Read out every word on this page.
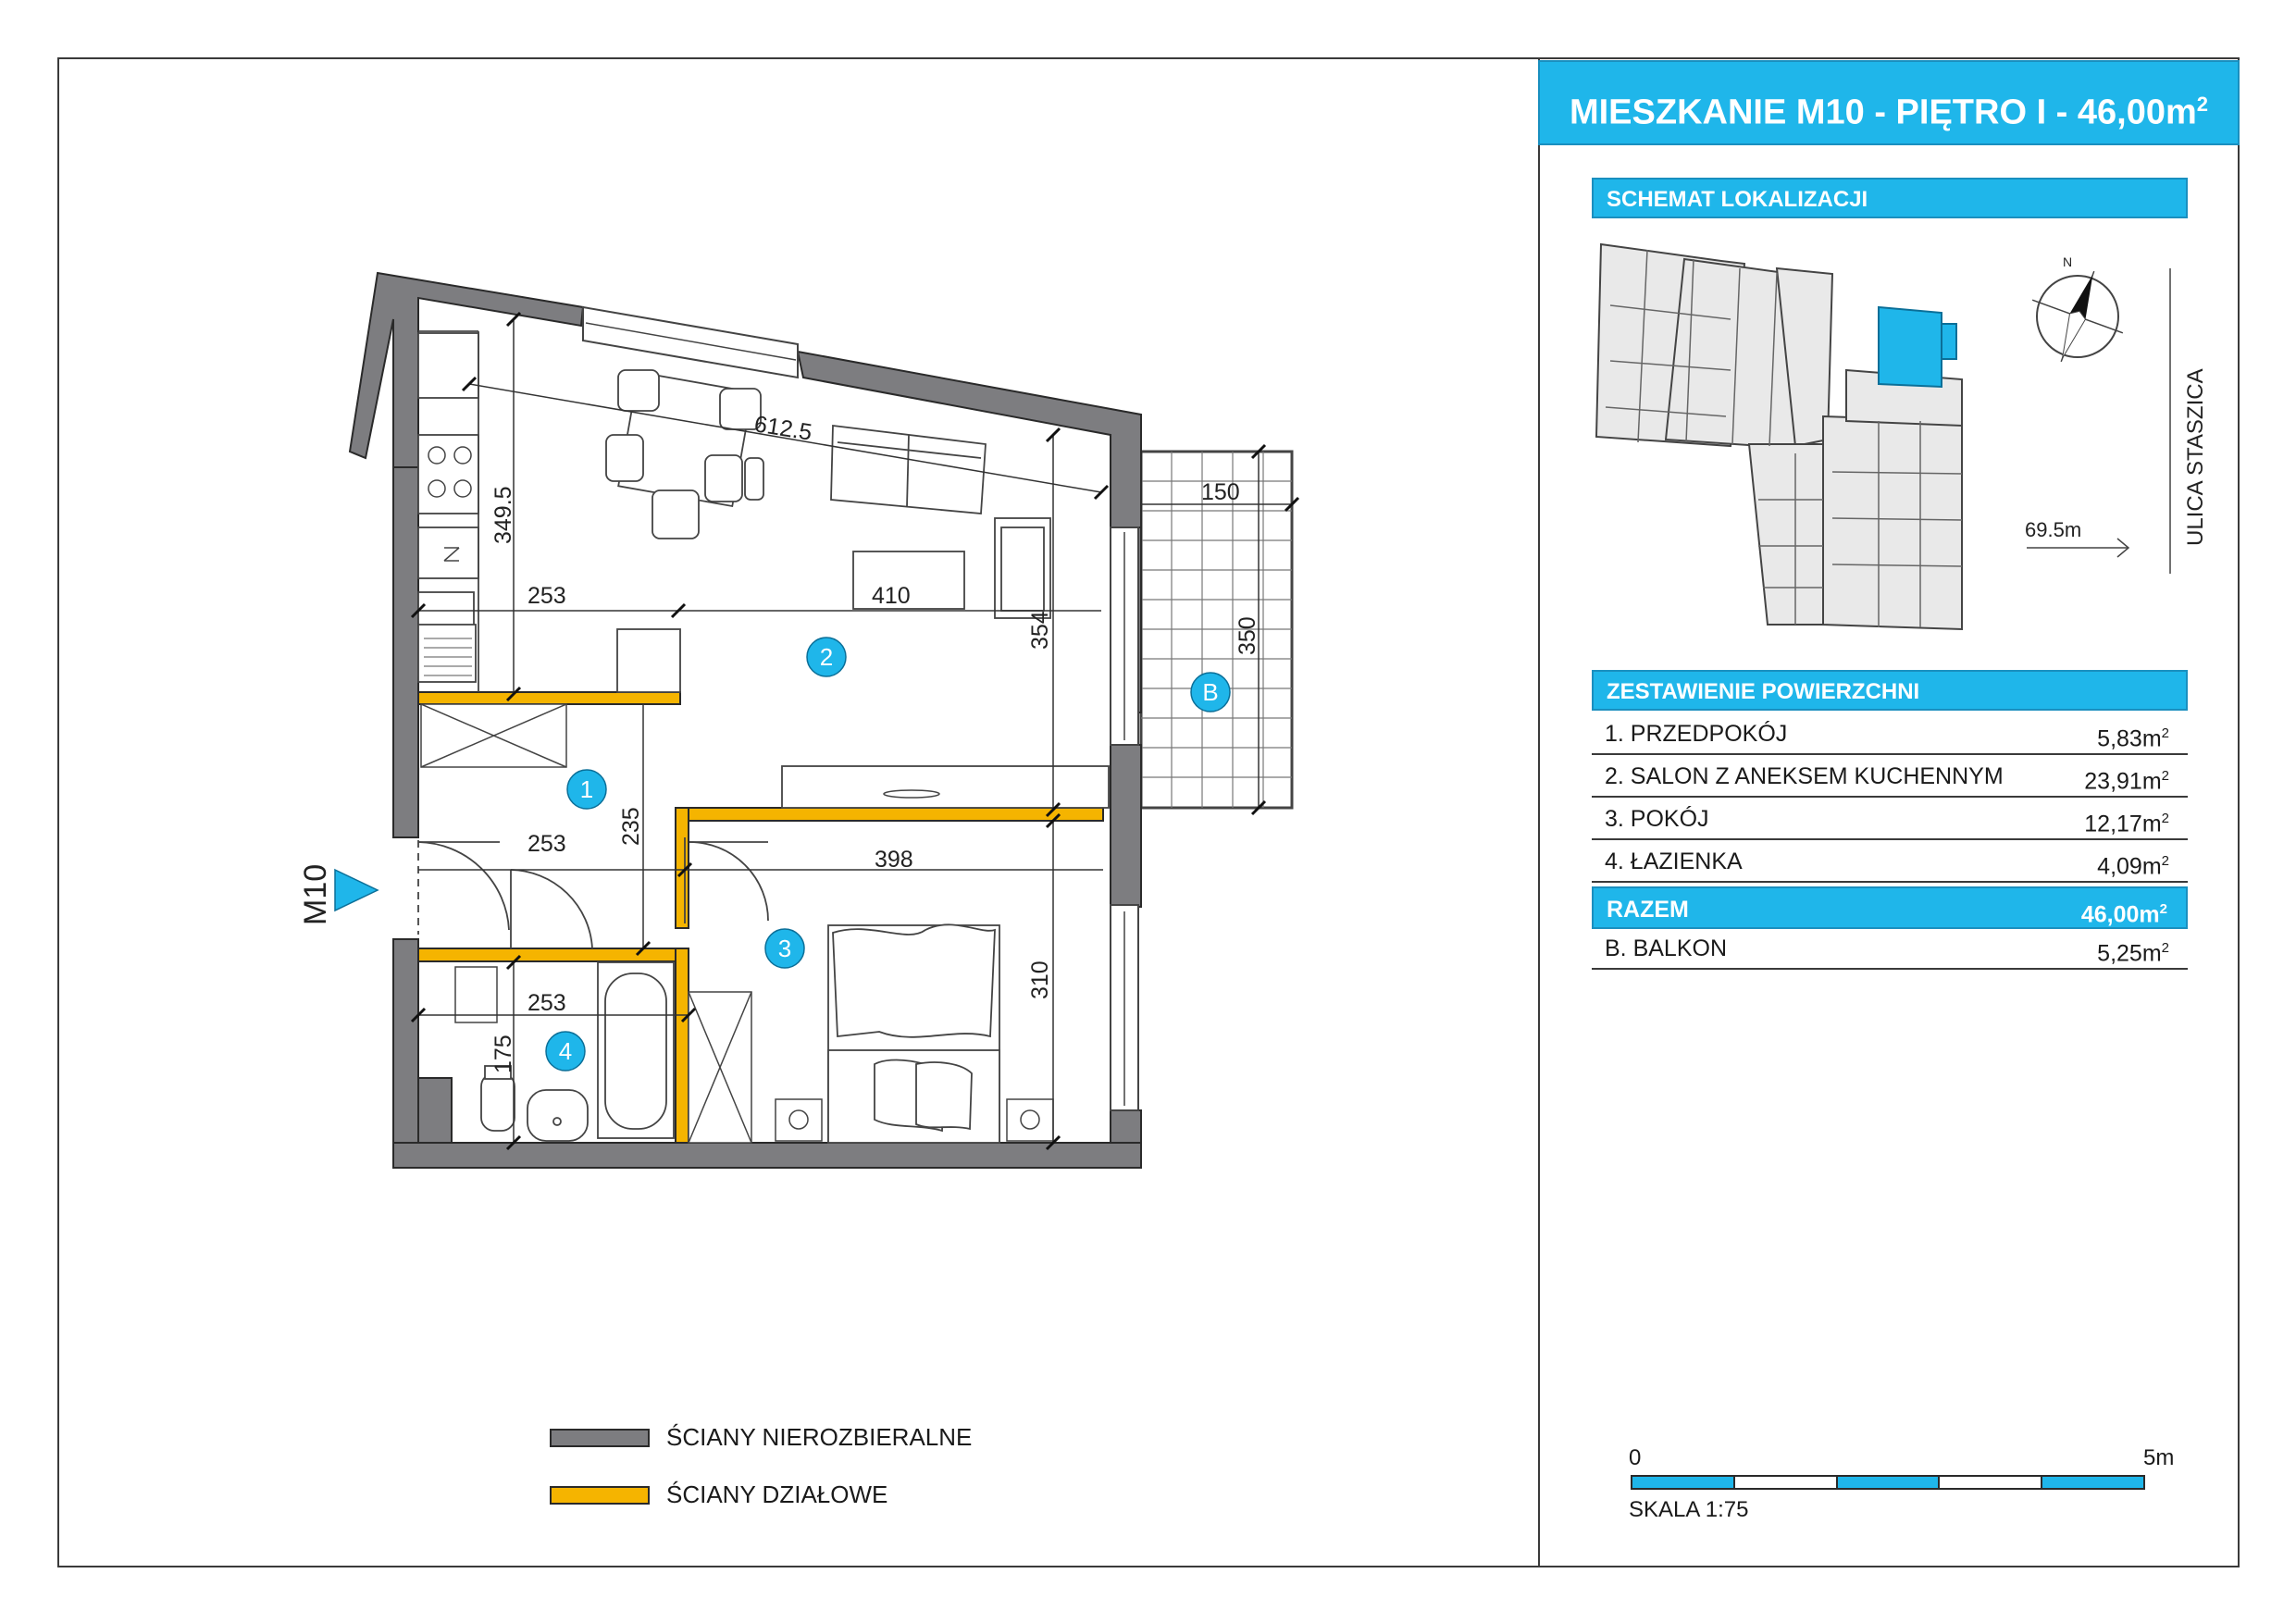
MIESZKANIE M10 - PIĘTRO I - $46,00m^2$
SCHEMAT LOKALIZACJI
N
ULICA STASZICA
69.5m
ZESTAWIENIE POWIERZCHNI
1. PRZEDPOKÓJ	$5,83m^2$
2. SALON Z ANEKSEM KUCHENNYM	$23,91m^2$
3. POKÓJ	$12,17m^2$
4. ŁAZIENKA	$4,09m^2$
RAZEM	$46,00m^2$
B. BALKON	$5,25m^2$
0	5m
SKALA 1:75
ŚCIANY NIEROZBIERALNE
ŚCIANY DZIAŁOWE
612.5
349.5
253	410
354
150
350
235
253
398
310
253
175
1
2
3
4
B
M10
